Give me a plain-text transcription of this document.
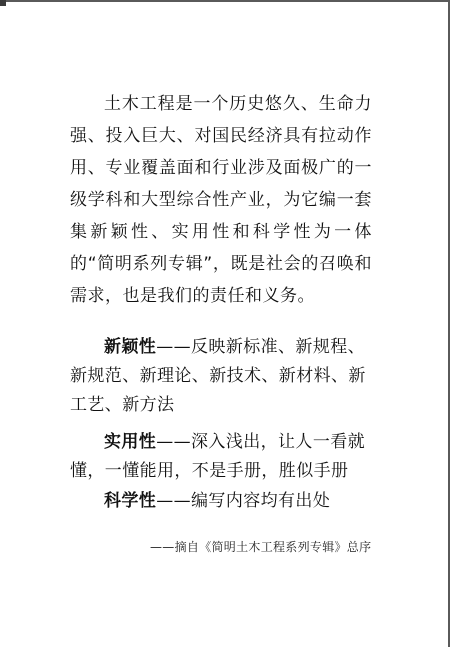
土木工程是一个历史悠久、生命力强、投入巨大、对国民经济具有拉动作用、专业覆盖面和行业涉及面极广的一级学科和大型综合性产业，为它编一套集新颖性、实用性和科学性为一体的“简明系列专辑”，既是社会的召唤和需求，也是我们的责任和义务。

新颖性——反映新标准、新规程、新规范、新理论、新技术、新材料、新工艺、新方法
实用性——深入浅出，让人一看就懂，一懂能用，不是手册，胜似手册
科学性——编写内容均有出处
——摘自《简明土木工程系列专辑》总序
